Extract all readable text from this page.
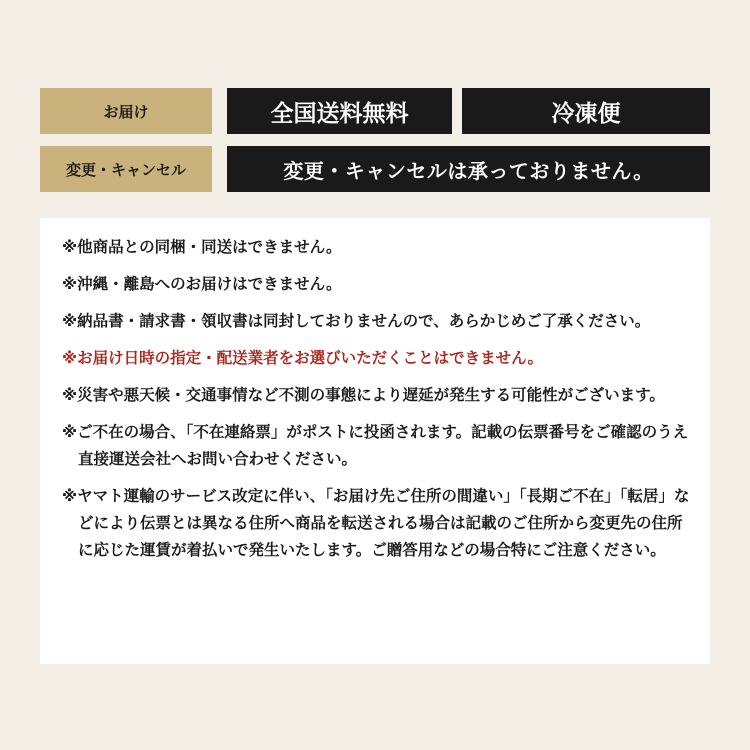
お届け	全国送料無料	冷凍便
変更・キャンセル	変更・キャンセルは承っておりません。
※他商品との同梱・同送はできません。
※沖縄・離島へのお届けはできません。
※納品書・請求書・領収書は同封しておりませんので、あらかじめご了承ください。
※お届け日時の指定・配送業者をお選びいただくことはできません。
※災害や悪天候・交通事情など不測の事態により遅延が発生する可能性がございます。
※ご不在の場合、「不在連絡票」がポストに投函されます。記載の伝票番号をご確認のうえ直接運送会社へお問い合わせください。
※ヤマト運輸のサービス改定に伴い、「お届け先ご住所の間違い」「長期ご不在」「転居」などにより伝票とは異なる住所へ商品を転送される場合は記載のご住所から変更先の住所に応じた運賃が着払いで発生いたします。ご贈答用などの場合特にご注意ください。
